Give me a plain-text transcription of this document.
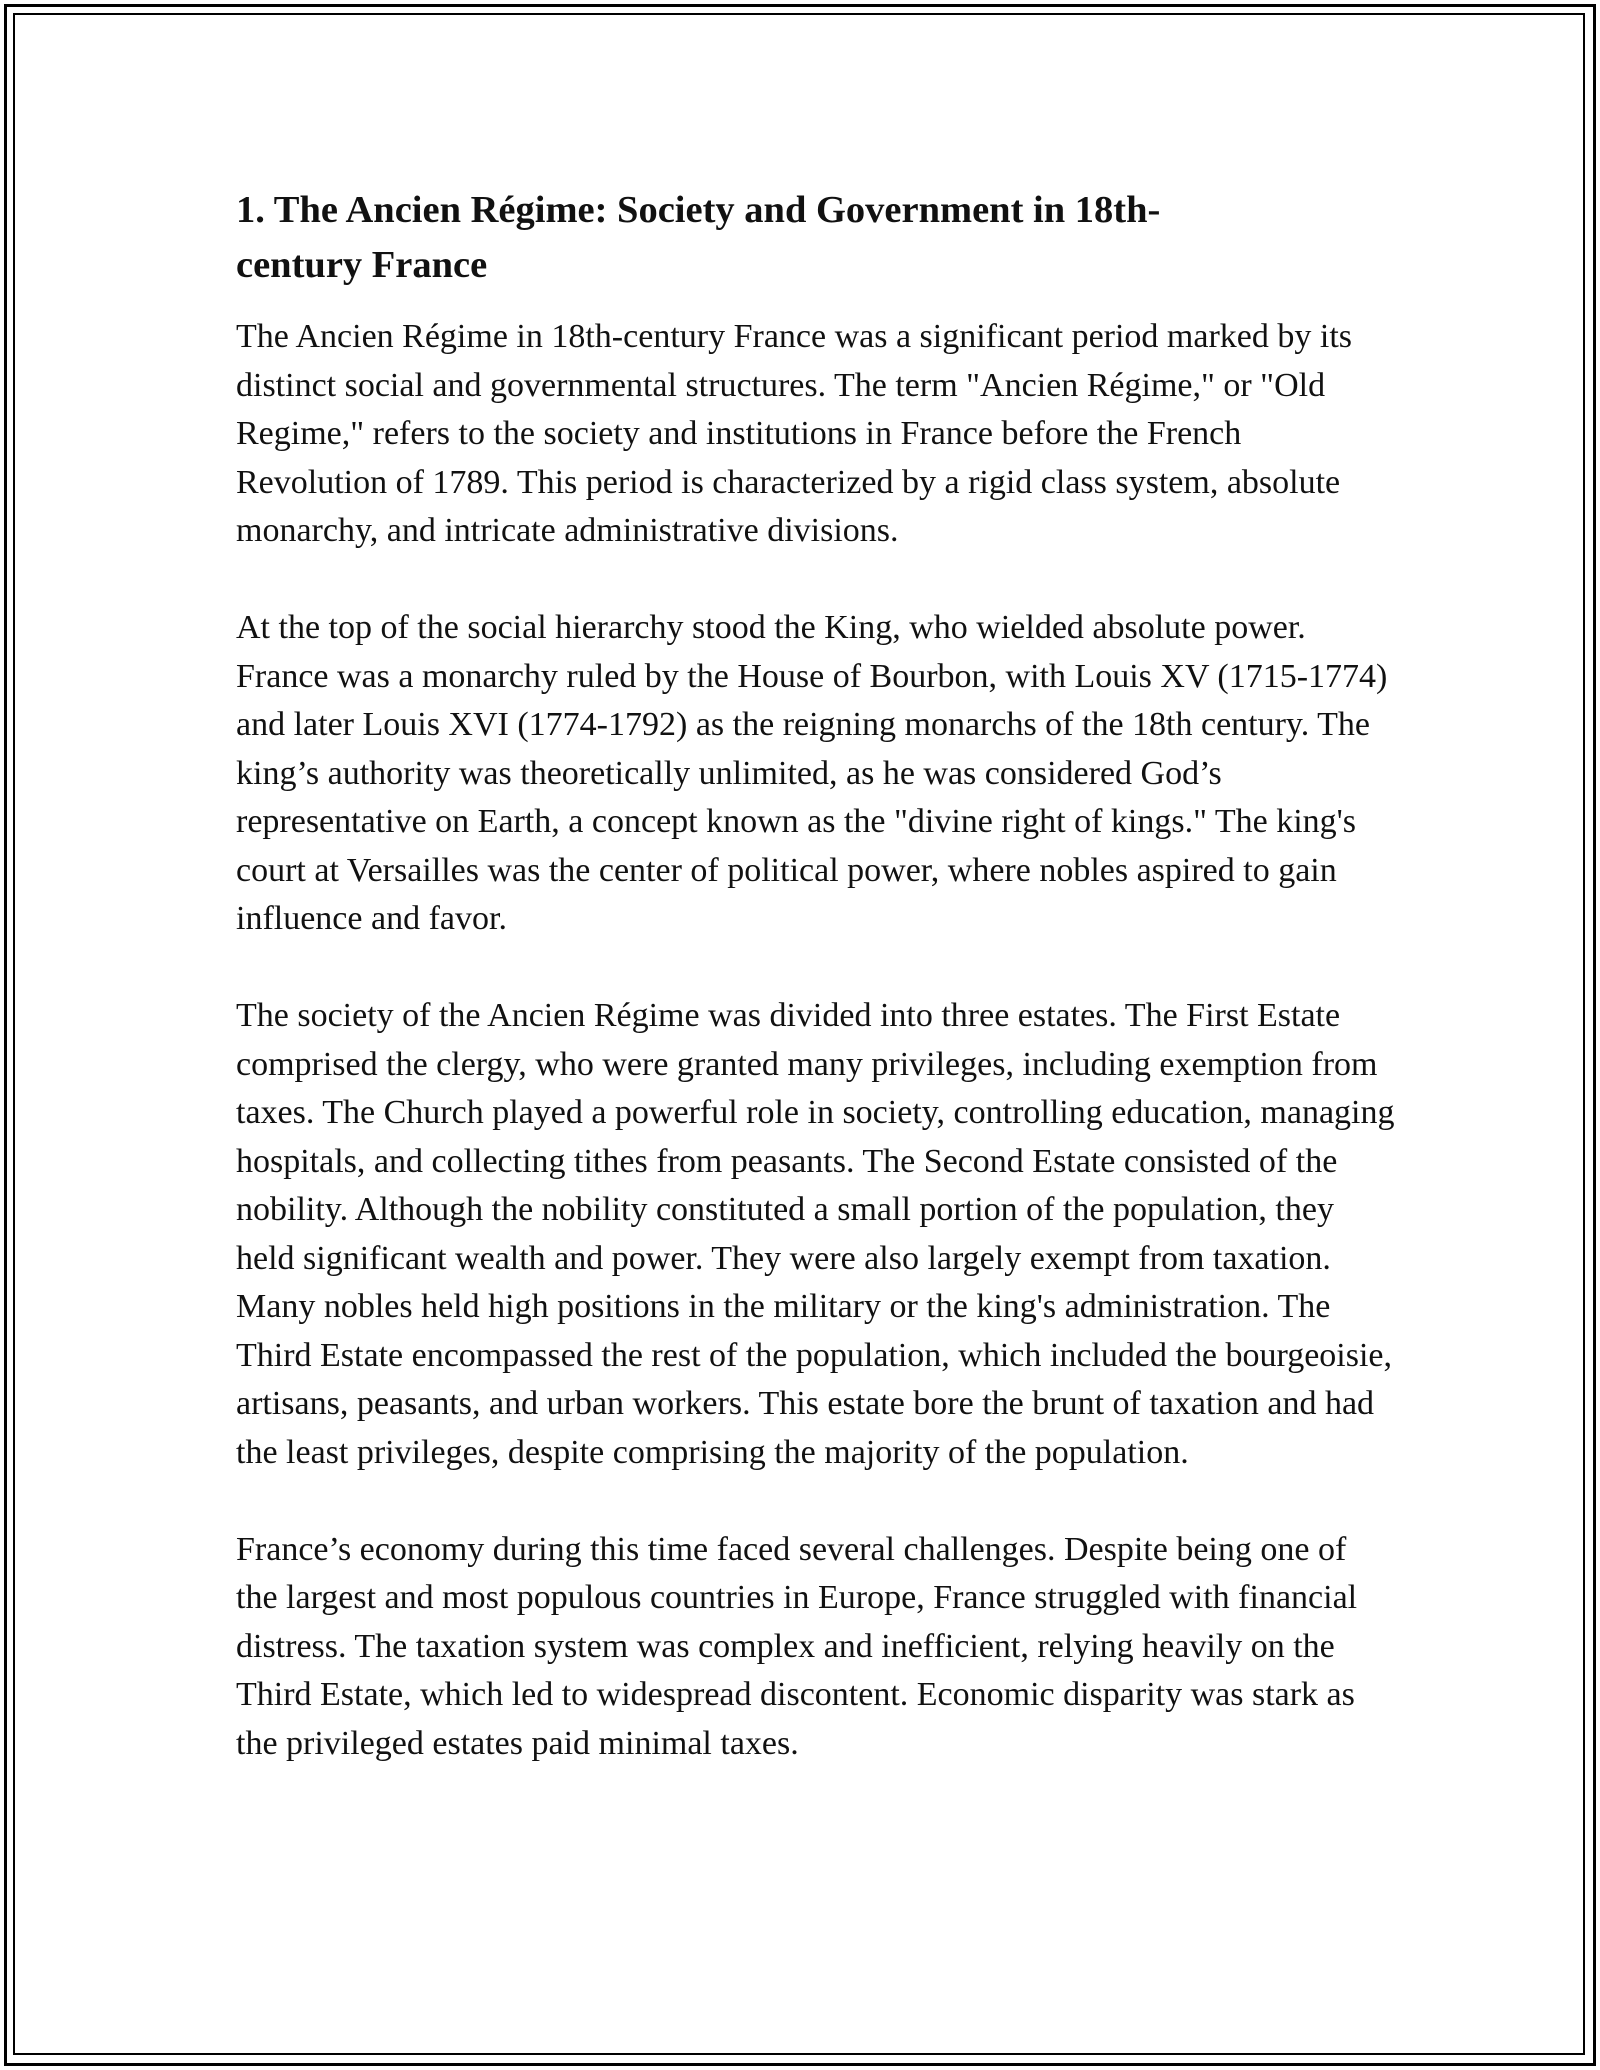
1. The Ancien Régime: Society and Government in 18th-century France

The Ancien Régime in 18th-century France was a significant period marked by its distinct social and governmental structures. The term "Ancien Régime," or "Old Regime," refers to the society and institutions in France before the French Revolution of 1789. This period is characterized by a rigid class system, absolute monarchy, and intricate administrative divisions.

At the top of the social hierarchy stood the King, who wielded absolute power. France was a monarchy ruled by the House of Bourbon, with Louis XV (1715-1774) and later Louis XVI (1774-1792) as the reigning monarchs of the 18th century. The king’s authority was theoretically unlimited, as he was considered God’s representative on Earth, a concept known as the "divine right of kings." The king's court at Versailles was the center of political power, where nobles aspired to gain influence and favor.

The society of the Ancien Régime was divided into three estates. The First Estate comprised the clergy, who were granted many privileges, including exemption from taxes. The Church played a powerful role in society, controlling education, managing hospitals, and collecting tithes from peasants. The Second Estate consisted of the nobility. Although the nobility constituted a small portion of the population, they held significant wealth and power. They were also largely exempt from taxation. Many nobles held high positions in the military or the king's administration. The Third Estate encompassed the rest of the population, which included the bourgeoisie, artisans, peasants, and urban workers. This estate bore the brunt of taxation and had the least privileges, despite comprising the majority of the population.

France’s economy during this time faced several challenges. Despite being one of the largest and most populous countries in Europe, France struggled with financial distress. The taxation system was complex and inefficient, relying heavily on the Third Estate, which led to widespread discontent. Economic disparity was stark as the privileged estates paid minimal taxes.
